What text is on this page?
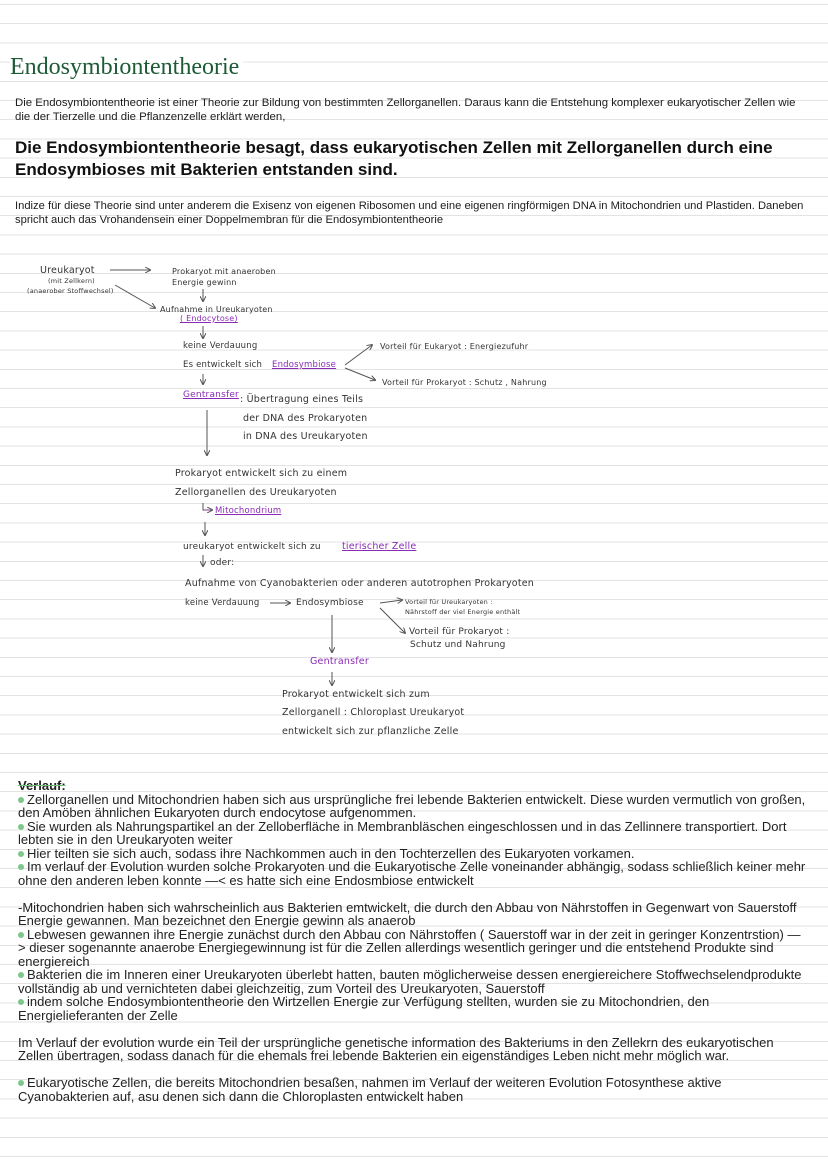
Endosymbiontentheorie
Die Endosymbiontentheorie ist einer Theorie zur Bildung von bestimmten Zellorganellen. Daraus kann die Entstehung komplexer eukaryotischer Zellen wie die der Tierzelle und die Pflanzenzelle erklärt werden,
Die Endosymbiontentheorie besagt, dass eukaryotischen Zellen mit Zellorganellen durch eine Endosymbioses mit Bakterien entstanden sind.
Indize für diese Theorie sind unter anderem die Exisenz von eigenen Ribosomen und eine eigenen ringförmigen DNA in Mitochondrien und Plastiden. Daneben spricht auch das Vrohandensein einer Doppelmembran für die Endosymbiontentheorie
Ureukaryot
(mit Zellkern)
(anaerober Stoffwechsel)
Prokaryot mit anaeroben
Energie gewinn
Aufnahme in Ureukaryoten
( Endocytose)
keine Verdauung
Es entwickelt sich Endosymbiose
Vorteil für Eukaryot : Energiezufuhr
Vorteil für Prokaryot : Schutz , Nahrung
Gentransfer : Übertragung eines Teils
der DNA des Prokaryoten
in DNA des Ureukaryoten
Prokaryot entwickelt sich zu einem
Zellorganellen des Ureukaryoten
Mitochondrium
ureukaryot entwickelt sich zu tierischer Zelle
oder:
Aufnahme von Cyanobakterien oder anderen autotrophen Prokaryoten
keine Verdauung	Endosymbiose	Vorteil für Ureukaryoten :
Nährstoff der viel Energie enthält
Vorteil für Prokaryot :
Schutz und Nahrung
Gentransfer
Prokaryot entwickelt sich zum
Zellorganell : Chloroplast Ureukaryot
entwickelt sich zur pflanzliche Zelle
Verlauf:

Zellorganellen und Mitochondrien haben sich aus ursprüngliche frei lebende Bakterien entwickelt. Diese wurden vermutlich von großen, den Amöben ähnlichen Eukaryoten durch endocytose aufgenommen.

Sie wurden als Nahrungspartikel an der Zelloberfläche in Membranbläschen eingeschlossen und in das Zellinnere transportiert. Dort lebten sie in den Ureukaryoten weiter

Hier teilten sie sich auch, sodass ihre Nachkommen auch in den Tochterzellen des Eukaryoten vorkamen.

Im verlauf der Evolution wurden solche Prokaryoten und die Eukaryotische Zelle voneinander abhängig, sodass schließlich keiner mehr ohne den anderen leben konnte —< es hatte sich eine Endosmbiose entwickelt

-Mitochondrien haben sich wahrscheinlich aus Bakterien emtwickelt, die durch den Abbau von Nährstoffen in Gegenwart von Sauerstoff Energie gewannen. Man bezeichnet den Energie gewinn als anaerob

Lebwesen gewannen ihre Energie zunächst durch den Abbau con Nährstoffen ( Sauerstoff war in der zeit in geringer Konzentrstion) —> dieser sogenannte anaerobe Energiegewinnung ist für die Zellen allerdings wesentlich geringer und die entstehend Produkte sind energiereich

Bakterien die im Inneren einer Ureukaryoten überlebt hatten, bauten möglicherweise dessen energiereichere Stoffwechselendprodukte vollständig ab und vernichteten dabei gleichzeitig, zum Vorteil des Ureukaryoten, Sauerstoff

indem solche Endosymbiontentheorie den Wirtzellen Energie zur Verfügung stellten, wurden sie zu Mitochondrien, den Energielieferanten der Zelle

Im Verlauf der evolution wurde ein Teil der ursprüngliche genetische information des Bakteriums in den Zellekrn des eukaryotischen Zellen übertragen, sodass danach für die ehemals frei lebende Bakterien ein eigenständiges Leben nicht mehr möglich war.

Eukaryotische Zellen, die bereits Mitochondrien besaßen, nahmen im Verlauf der weiteren Evolution Fotosynthese aktive Cyanobakterien auf, asu denen sich dann die Chloroplasten entwickelt haben
